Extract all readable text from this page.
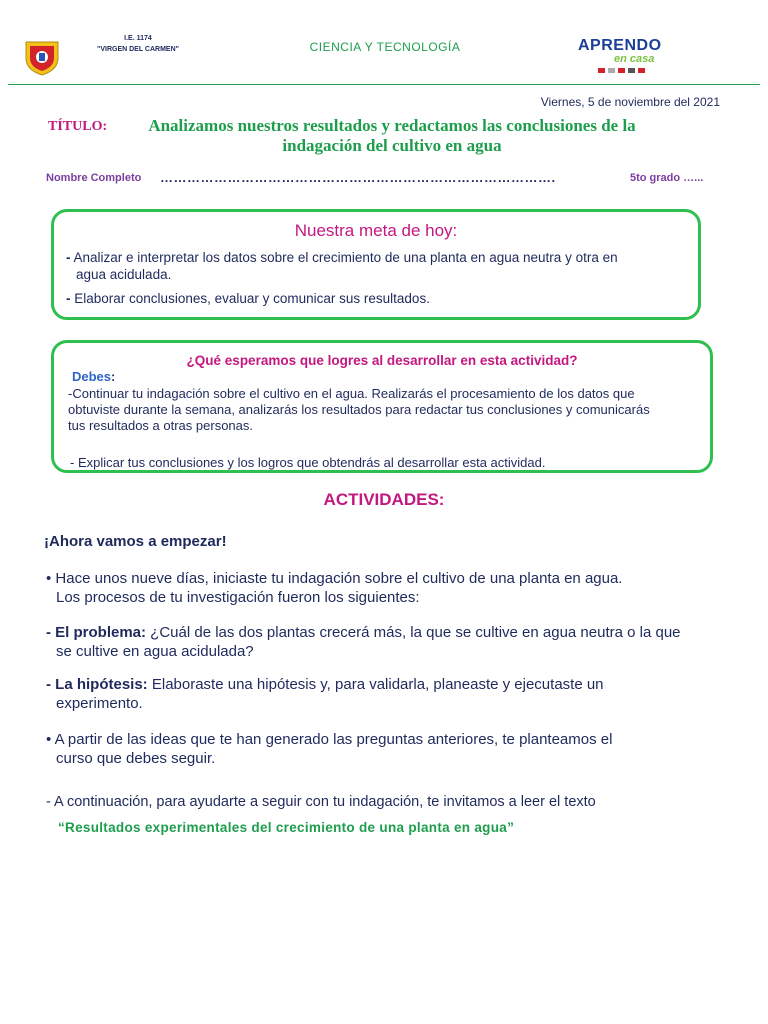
I.E. 1174
"VIRGEN DEL CARMEN"	CIENCIA Y TECNOLOGÍA	APRENDO
en casa
Viernes, 5 de noviembre del 2021
TÍTULO:	Analizamos nuestros resultados y redactamos las conclusiones de la
indagación del cultivo en agua
Nombre Completo …………………………………………………………………………….	5to grado …...
Nuestra meta de hoy:
- Analizar e interpretar los datos sobre el crecimiento de una planta en agua neutra y otra en
agua acidulada.
- Elaborar conclusiones, evaluar y comunicar sus resultados.
¿Qué esperamos que logres al desarrollar en esta actividad?
Debes:
-Continuar tu indagación sobre el cultivo en el agua. Realizarás el procesamiento de los datos que
obtuviste durante la semana, analizarás los resultados para redactar tus conclusiones y comunicarás
tus resultados a otras personas.
- Explicar tus conclusiones y los logros que obtendrás al desarrollar esta actividad.
ACTIVIDADES:
¡Ahora vamos a empezar!
• Hace unos nueve días, iniciaste tu indagación sobre el cultivo de una planta en agua.
Los procesos de tu investigación fueron los siguientes:
- El problema: ¿Cuál de las dos plantas crecerá más, la que se cultive en agua neutra o la que
se cultive en agua acidulada?
- La hipótesis: Elaboraste una hipótesis y, para validarla, planeaste y ejecutaste un
experimento.
• A partir de las ideas que te han generado las preguntas anteriores, te planteamos el
curso que debes seguir.
- A continuación, para ayudarte a seguir con tu indagación, te invitamos a leer el texto
“Resultados experimentales del crecimiento de una planta en agua”
